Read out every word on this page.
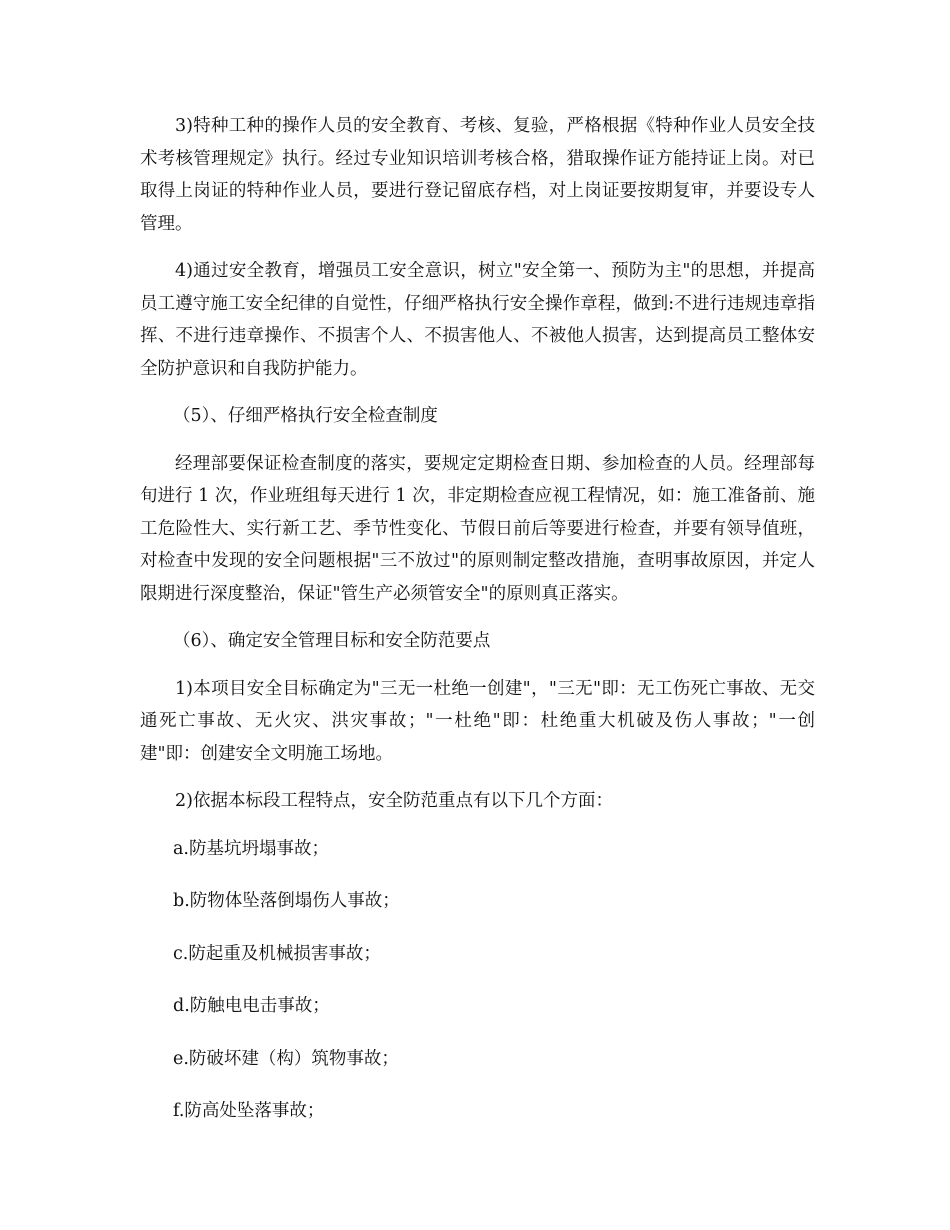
3)特种工种的操作人员的安全教育、考核、复验，严格根据《特种作业人员安全技术考核管理规定》执行。经过专业知识培训考核合格，猎取操作证方能持证上岗。对已取得上岗证的特种作业人员，要进行登记留底存档，对上岗证要按期复审，并要设专人管理。

4)通过安全教育，增强员工安全意识，树立"安全第一、预防为主"的思想，并提高员工遵守施工安全纪律的自觉性，仔细严格执行安全操作章程，做到:不进行违规违章指挥、不进行违章操作、不损害个人、不损害他人、不被他人损害，达到提高员工整体安全防护意识和自我防护能力。

（5）、仔细严格执行安全检查制度

经理部要保证检查制度的落实，要规定定期检查日期、参加检查的人员。经理部每旬进行 1 次，作业班组每天进行 1 次，非定期检查应视工程情况，如：施工准备前、施工危险性大、实行新工艺、季节性变化、节假日前后等要进行检查，并要有领导值班，对检查中发现的安全问题根据"三不放过"的原则制定整改措施，查明事故原因，并定人限期进行深度整治，保证"管生产必须管安全"的原则真正落实。

（6）、确定安全管理目标和安全防范要点

1)本项目安全目标确定为"三无一杜绝一创建"，"三无"即：无工伤死亡事故、无交通死亡事故、无火灾、洪灾事故；"一杜绝"即：杜绝重大机破及伤人事故；"一创建"即：创建安全文明施工场地。

2)依据本标段工程特点，安全防范重点有以下几个方面：

a.防基坑坍塌事故；

b.防物体坠落倒塌伤人事故；

c.防起重及机械损害事故；

d.防触电电击事故；

e.防破坏建（构）筑物事故；

f.防高处坠落事故；
